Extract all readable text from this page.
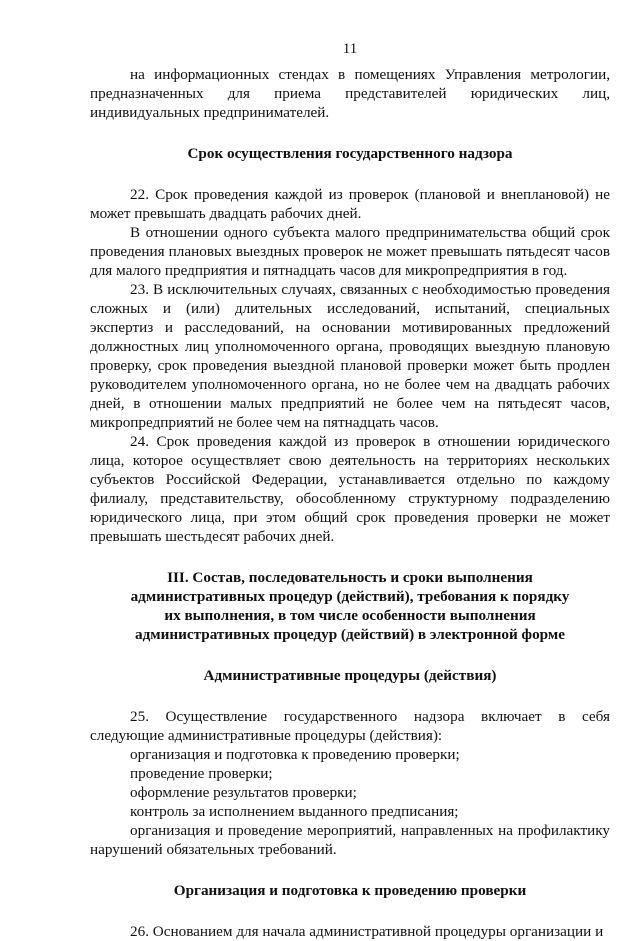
11

на информационных стендах в помещениях Управления метрологии, предназначенных для приема представителей юридических лиц, индивидуальных предпринимателей.

Срок осуществления государственного надзора

22. Срок проведения каждой из проверок (плановой и внеплановой) не может превышать двадцать рабочих дней.

В отношении одного субъекта малого предпринимательства общий срок проведения плановых выездных проверок не может превышать пятьдесят часов для малого предприятия и пятнадцать часов для микропредприятия в год.

23. В исключительных случаях, связанных с необходимостью проведения сложных и (или) длительных исследований, испытаний, специальных экспертиз и расследований, на основании мотивированных предложений должностных лиц уполномоченного органа, проводящих выездную плановую проверку, срок проведения выездной плановой проверки может быть продлен руководителем уполномоченного органа, но не более чем на двадцать рабочих дней, в отношении малых предприятий не более чем на пятьдесят часов, микропредприятий не более чем на пятнадцать часов.

24. Срок проведения каждой из проверок в отношении юридического лица, которое осуществляет свою деятельность на территориях нескольких субъектов Российской Федерации, устанавливается отдельно по каждому филиалу, представительству, обособленному структурному подразделению юридического лица, при этом общий срок проведения проверки не может превышать шестьдесят рабочих дней.

III. Состав, последовательность и сроки выполнения
административных процедур (действий), требования к порядку
их выполнения, в том числе особенности выполнения
административных процедур (действий) в электронной форме
Административные процедуры (действия)

25. Осуществление государственного надзора включает в себя следующие административные процедуры (действия):

организация и подготовка к проведению проверки;

проведение проверки;

оформление результатов проверки;

контроль за исполнением выданного предписания;

организация и проведение мероприятий, направленных на профилактику нарушений обязательных требований.

Организация и подготовка к проведению проверки

26. Основанием для начала административной процедуры организации и
